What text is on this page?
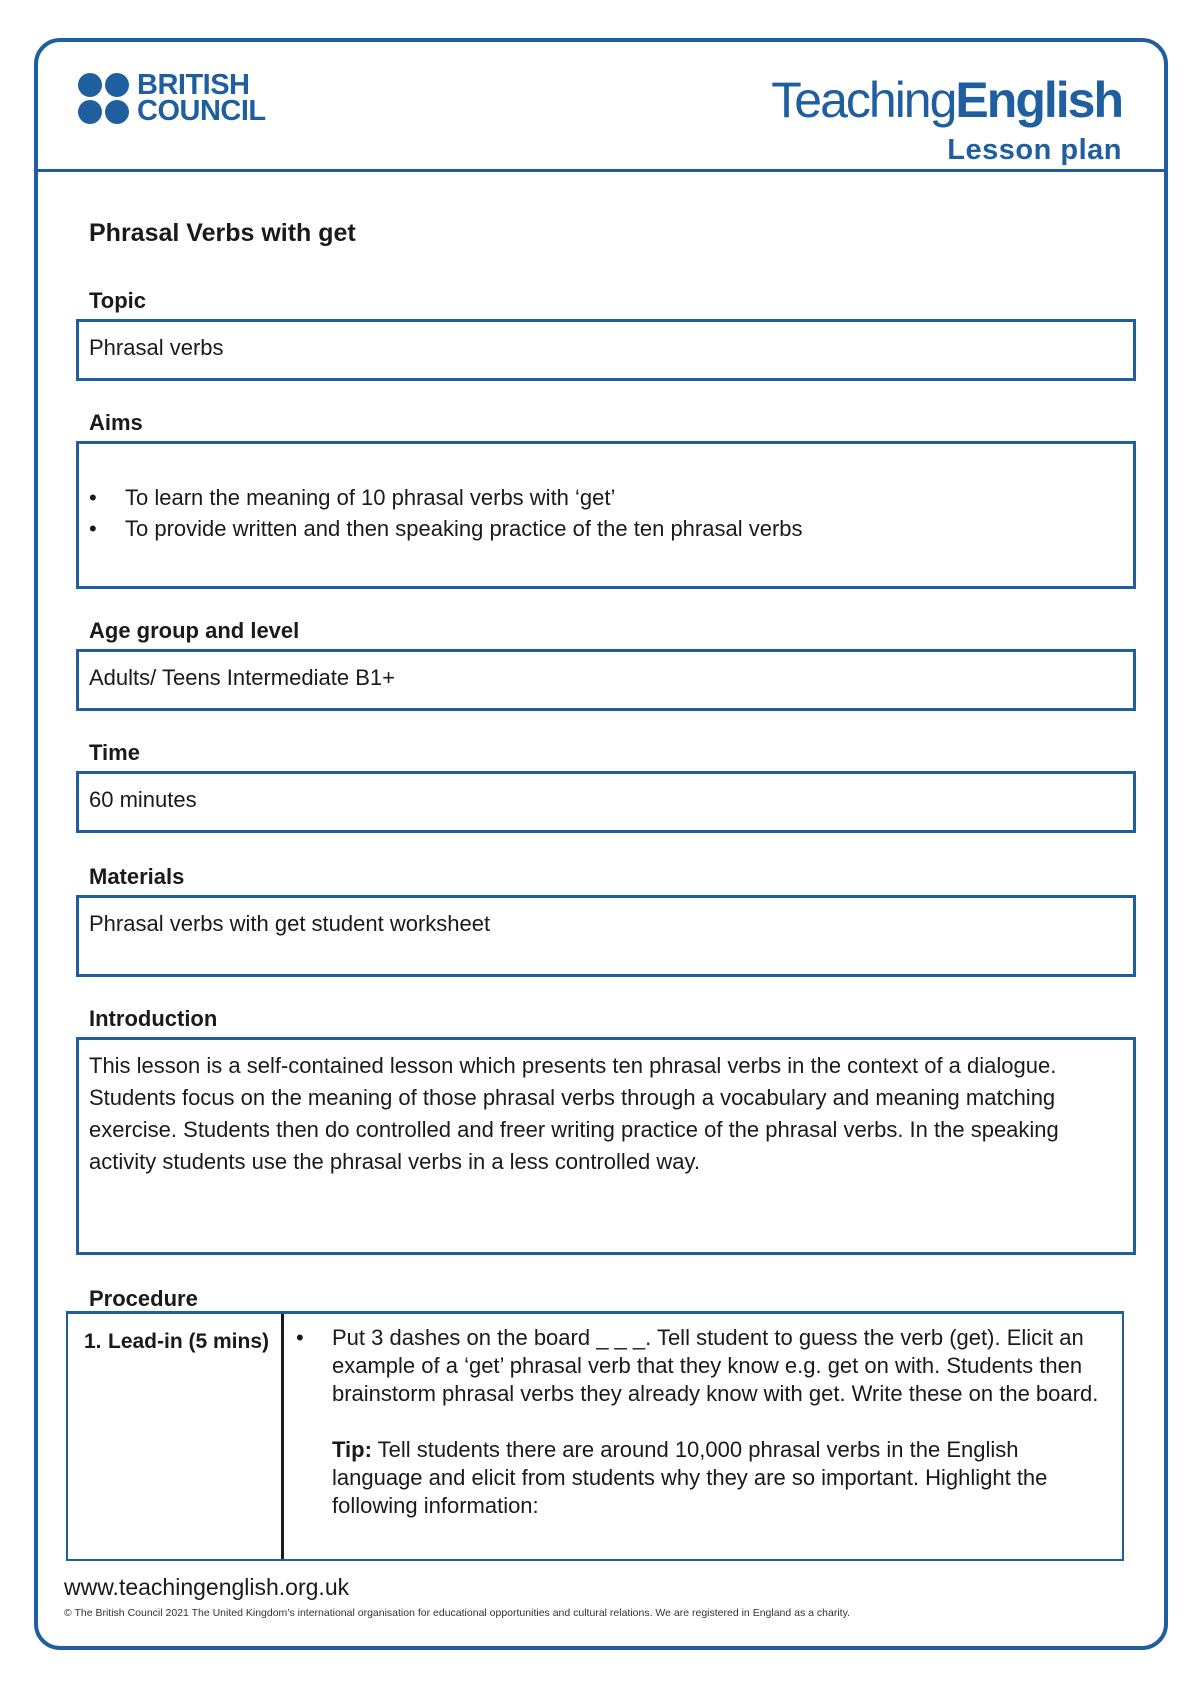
BRITISH
COUNCIL	TeachingEnglish
Lesson plan
Phrasal Verbs with get
Topic
Phrasal verbs
Aims
• To learn the meaning of 10 phrasal verbs with ‘get’
• To provide written and then speaking practice of the ten phrasal verbs
Age group and level
Adults/ Teens Intermediate B1+
Time
60 minutes
Materials
Phrasal verbs with get student worksheet
Introduction
This lesson is a self-contained lesson which presents ten phrasal verbs in the context of a dialogue. Students focus on the meaning of those phrasal verbs through a vocabulary and meaning matching exercise. Students then do controlled and freer writing practice of the phrasal verbs. In the speaking activity students use the phrasal verbs in a less controlled way.
Procedure
1. Lead-in (5 mins)	• Put 3 dashes on the board _ _ _. Tell student to guess the verb (get). Elicit an example of a ‘get’ phrasal verb that they know e.g. get on with. Students then brainstorm phrasal verbs they already know with get. Write these on the board.

Tip: Tell students there are around 10,000 phrasal verbs in the English language and elicit from students why they are so important. Highlight the following information:

www.teachingenglish.org.uk
© The British Council 2021 The United Kingdom’s international organisation for educational opportunities and cultural relations. We are registered in England as a charity.
